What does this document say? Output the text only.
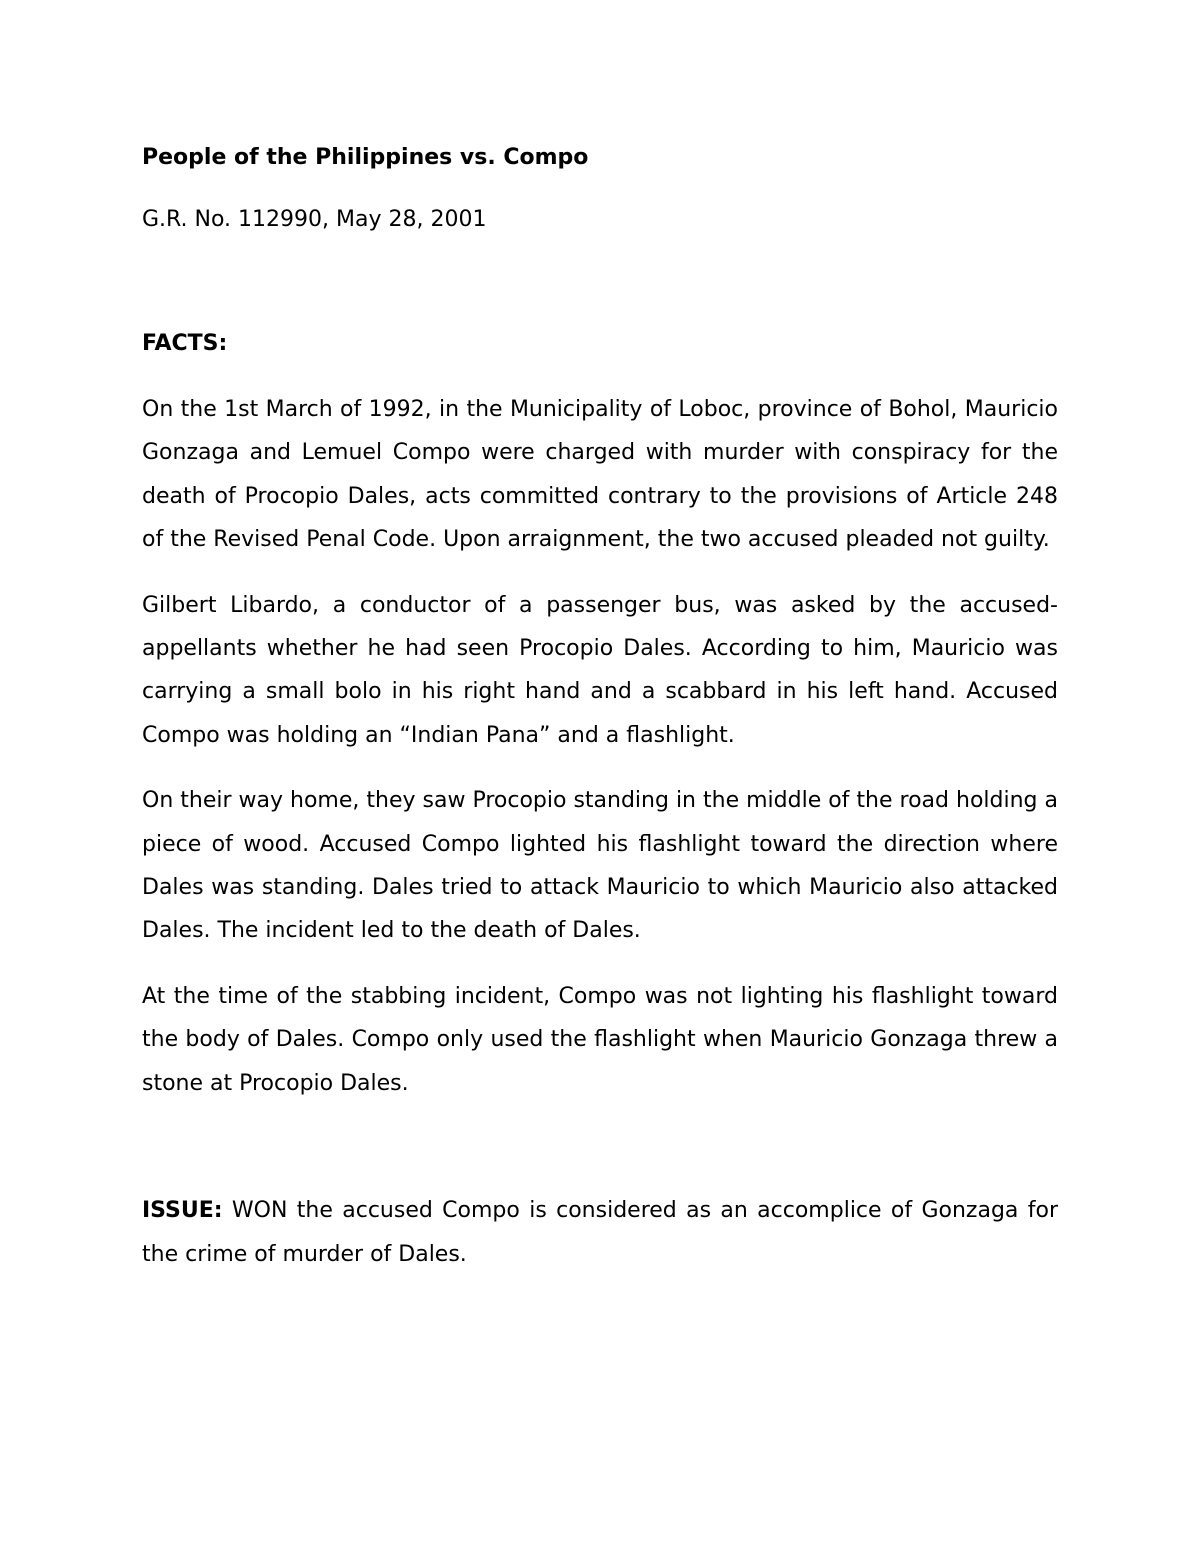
People of the Philippines vs. Compo
G.R. No. 112990, May 28, 2001
FACTS:

On the 1st March of 1992, in the Municipality of Loboc, province of Bohol, Mauricio Gonzaga and Lemuel Compo were charged with murder with conspiracy for the death of Procopio Dales, acts committed contrary to the provisions of Article 248 of the Revised Penal Code. Upon arraignment, the two accused pleaded not guilty.

Gilbert Libardo, a conductor of a passenger bus, was asked by the accused-appellants whether he had seen Procopio Dales. According to him, Mauricio was carrying a small bolo in his right hand and a scabbard in his left hand. Accused Compo was holding an “Indian Pana” and a flashlight.

On their way home, they saw Procopio standing in the middle of the road holding a piece of wood. Accused Compo lighted his flashlight toward the direction where Dales was standing. Dales tried to attack Mauricio to which Mauricio also attacked Dales. The incident led to the death of Dales.

At the time of the stabbing incident, Compo was not lighting his flashlight toward the body of Dales. Compo only used the flashlight when Mauricio Gonzaga threw a stone at Procopio Dales.

ISSUE: WON the accused Compo is considered as an accomplice of Gonzaga for the crime of murder of Dales.
